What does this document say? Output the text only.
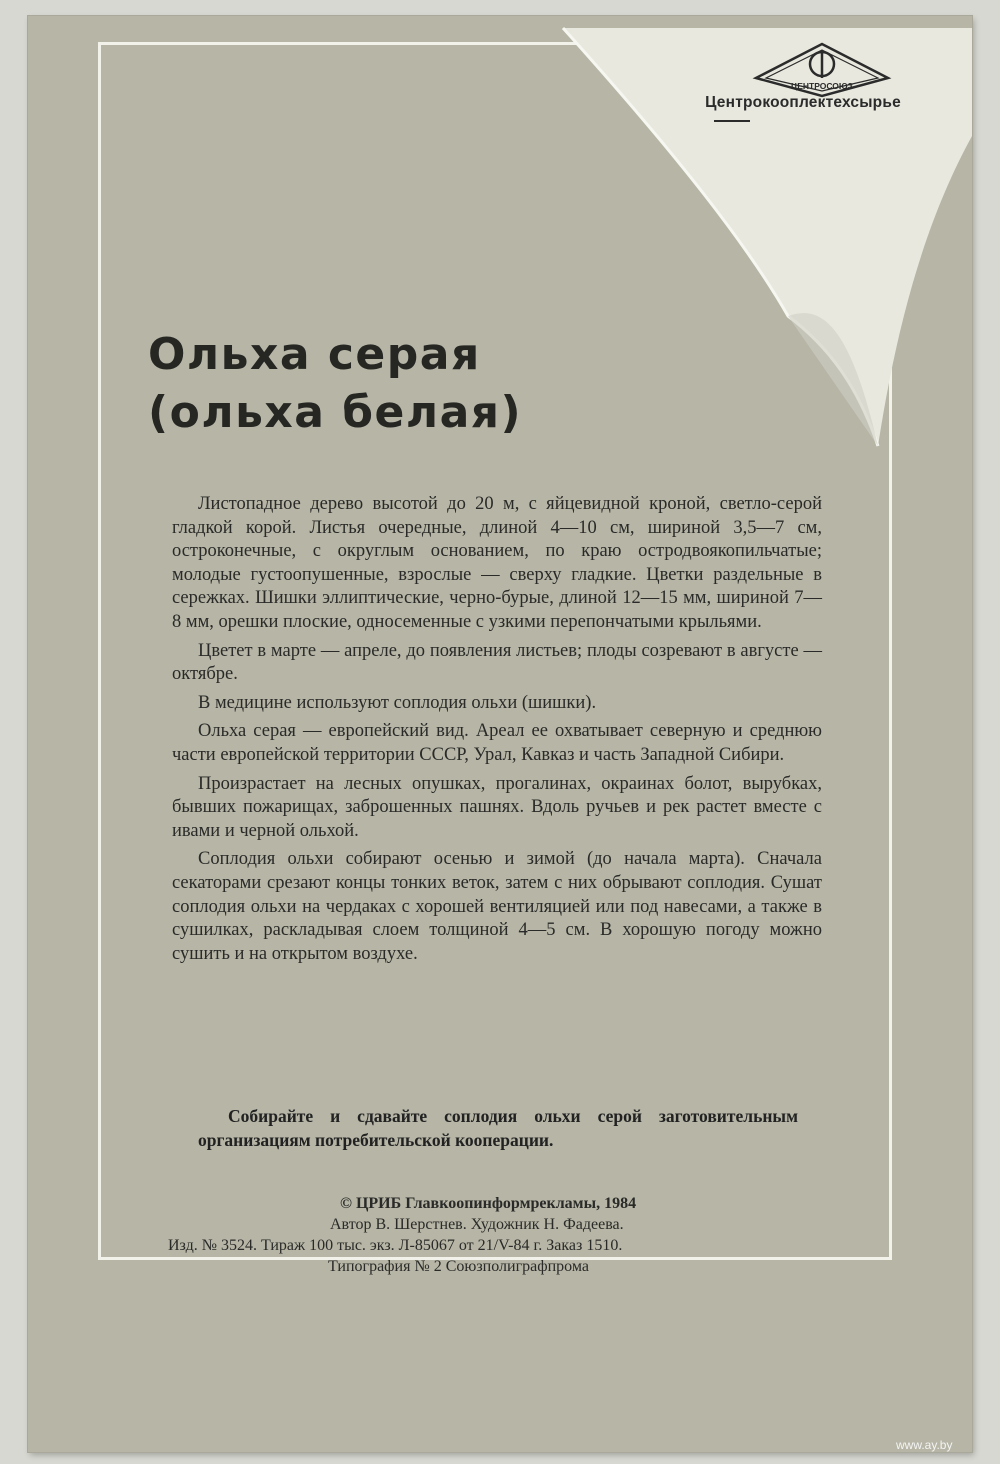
ЦЕНТРОСОЮЗ
Центрокооплектехсырье
Ольха серая
(ольха белая)

Листопадное дерево высотой до 20 м, с яйцевидной кроной, светло-серой гладкой корой. Листья очередные, длиной 4—10 см, шириной 3,5—7 см, остроконечные, с округлым основанием, по краю остродвоякопильчатые; молодые густоопушенные, взрослые — сверху гладкие. Цветки раздельные в сережках. Шишки эллиптические, черно-бурые, длиной 12—15 мм, шириной 7—8 мм, орешки плоские, односеменные с узкими перепончатыми крыльями.

Цветет в марте — апреле, до появления листьев; плоды созревают в августе — октябре.

В медицине используют соплодия ольхи (шишки).

Ольха серая — европейский вид. Ареал ее охватывает северную и среднюю части европейской территории СССР, Урал, Кавказ и часть Западной Сибири.

Произрастает на лесных опушках, прогалинах, окраинах болот, вырубках, бывших пожарищах, заброшенных пашнях. Вдоль ручьев и рек растет вместе с ивами и черной ольхой.

Соплодия ольхи собирают осенью и зимой (до начала марта). Сначала секаторами срезают концы тонких веток, затем с них обрывают соплодия. Сушат соплодия ольхи на чердаках с хорошей вентиляцией или под навесами, а также в сушилках, раскладывая слоем толщиной 4—5 см. В хорошую погоду можно сушить и на открытом воздухе.

Собирайте и сдавайте соплодия ольхи серой заготовительным организациям потребительской кооперации.
© ЦРИБ Главкоопинформрекламы, 1984
Автор В. Шерстнев. Художник Н. Фадеева.
Изд. № 3524. Тираж 100 тыс. экз. Л-85067 от 21/V-84 г. Заказ 1510.
Типография № 2 Союзполиграфпрома
www.ay.by
